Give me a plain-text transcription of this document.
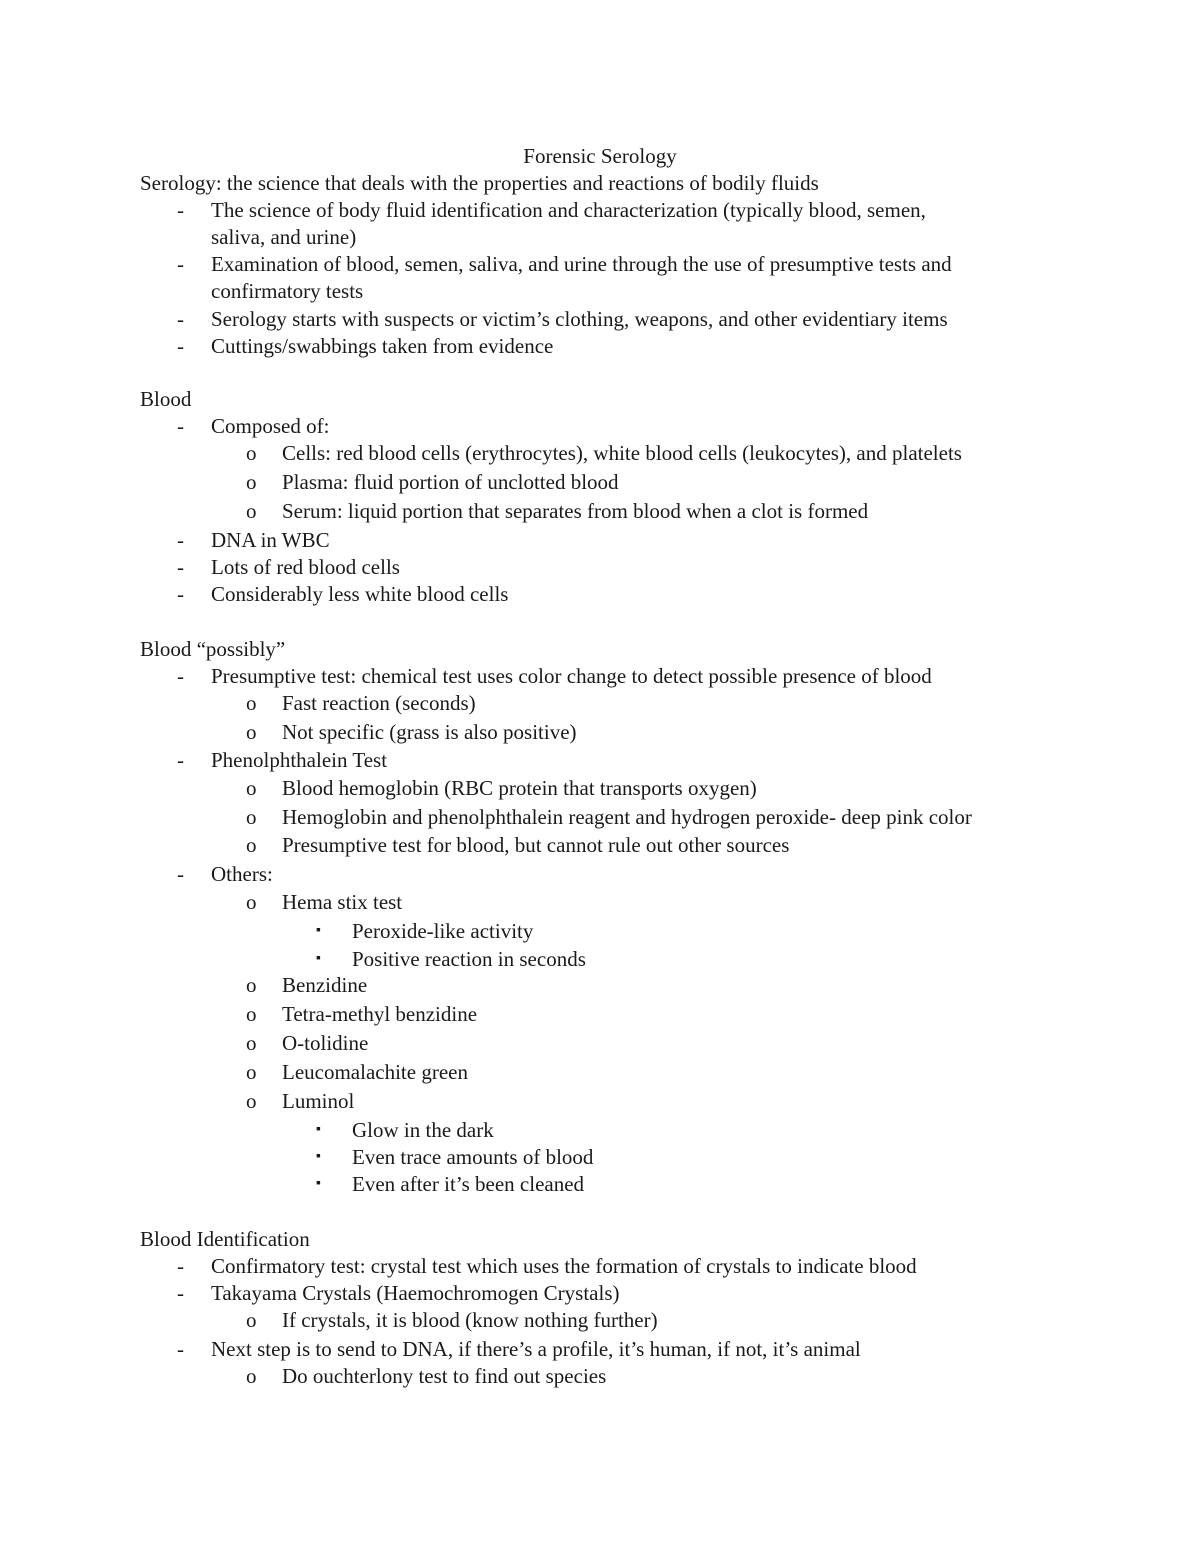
Forensic Serology
Serology: the science that deals with the properties and reactions of bodily fluids
- The science of body fluid identification and characterization (typically blood, semen,
saliva, and urine)
- Examination of blood, semen, saliva, and urine through the use of presumptive tests and
confirmatory tests
- Serology starts with suspects or victim’s clothing, weapons, and other evidentiary items
- Cuttings/swabbings taken from evidence
Blood
- Composed of:
o Cells: red blood cells (erythrocytes), white blood cells (leukocytes), and platelets
o Plasma: fluid portion of unclotted blood
o Serum: liquid portion that separates from blood when a clot is formed
- DNA in WBC
- Lots of red blood cells
- Considerably less white blood cells
Blood “possibly”
- Presumptive test: chemical test uses color change to detect possible presence of blood
o Fast reaction (seconds)
o Not specific (grass is also positive)
- Phenolphthalein Test
o Blood hemoglobin (RBC protein that transports oxygen)
o Hemoglobin and phenolphthalein reagent and hydrogen peroxide- deep pink color
o Presumptive test for blood, but cannot rule out other sources
- Others:
o Hema stix test
▪ Peroxide-like activity
▪ Positive reaction in seconds
o Benzidine
o Tetra-methyl benzidine
o O-tolidine
o Leucomalachite green
o Luminol
▪ Glow in the dark
▪ Even trace amounts of blood
▪ Even after it’s been cleaned
Blood Identification
- Confirmatory test: crystal test which uses the formation of crystals to indicate blood
- Takayama Crystals (Haemochromogen Crystals)
o If crystals, it is blood (know nothing further)
- Next step is to send to DNA, if there’s a profile, it’s human, if not, it’s animal
o Do ouchterlony test to find out species
